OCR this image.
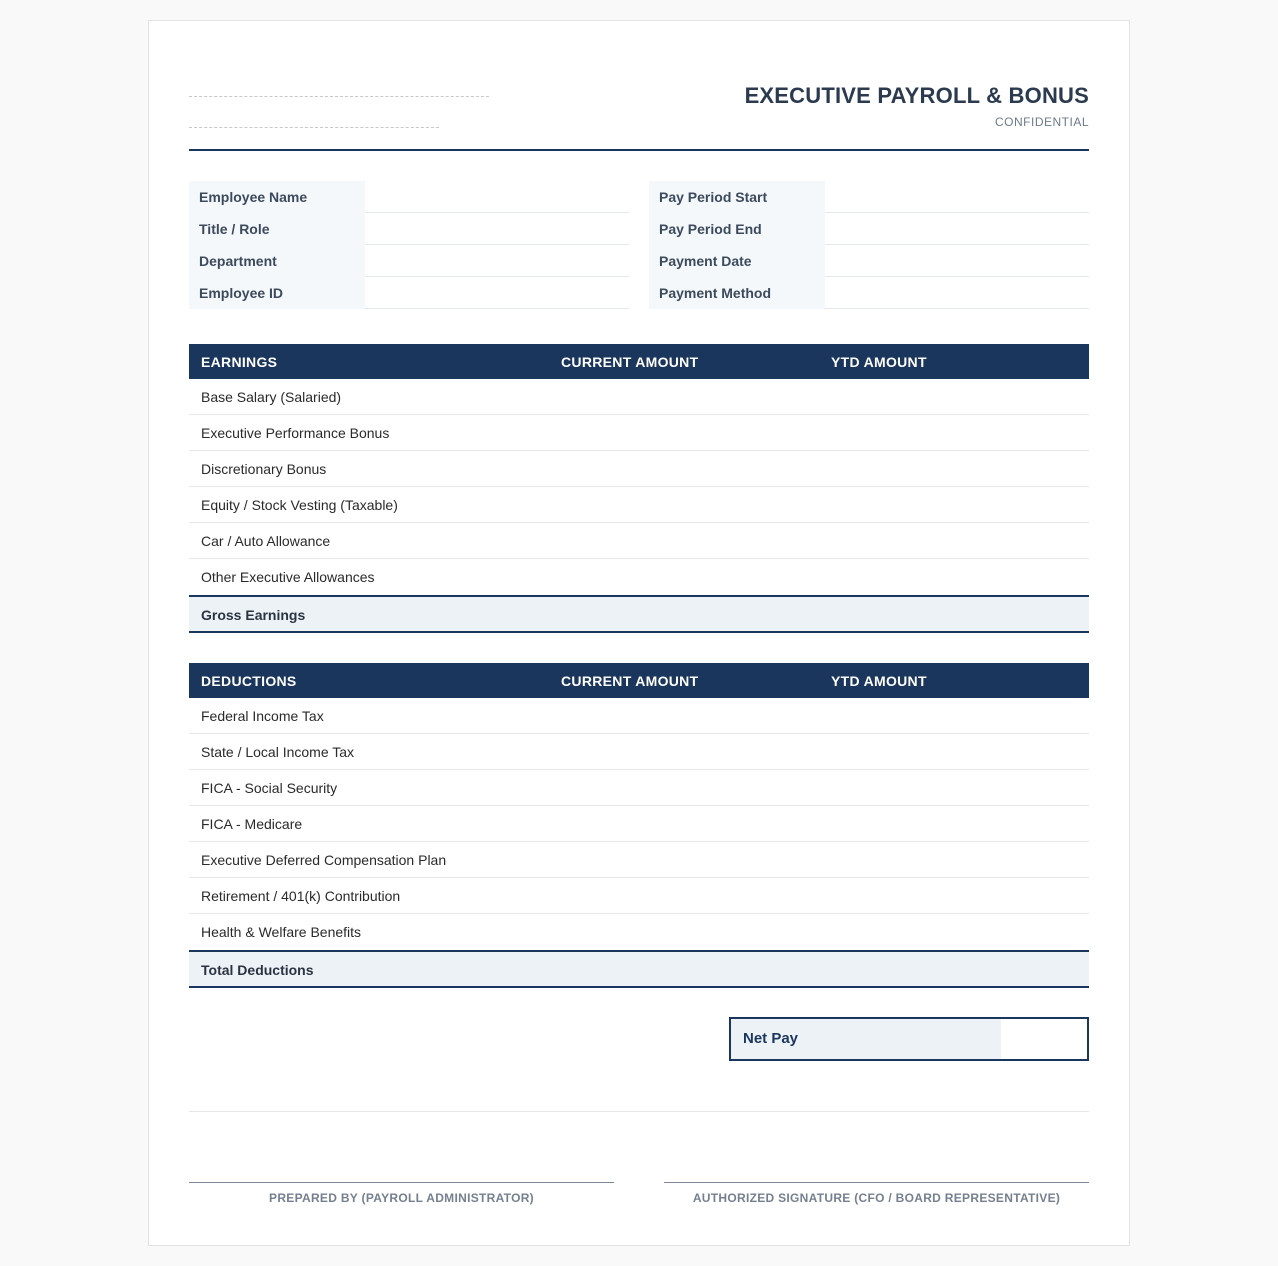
EXECUTIVE PAYROLL & BONUS
CONFIDENTIAL
Employee Name
Title / Role
Department
Employee ID
Pay Period Start
Pay Period End
Payment Date
Payment Method
EARNINGS	CURRENT AMOUNT	YTD AMOUNT
Base Salary (Salaried)
Executive Performance Bonus
Discretionary Bonus
Equity / Stock Vesting (Taxable)
Car / Auto Allowance
Other Executive Allowances
Gross Earnings
DEDUCTIONS	CURRENT AMOUNT	YTD AMOUNT
Federal Income Tax
State / Local Income Tax
FICA - Social Security
FICA - Medicare
Executive Deferred Compensation Plan
Retirement / 401(k) Contribution
Health & Welfare Benefits
Total Deductions
Net Pay
PREPARED BY (PAYROLL ADMINISTRATOR)	AUTHORIZED SIGNATURE (CFO / BOARD REPRESENTATIVE)
